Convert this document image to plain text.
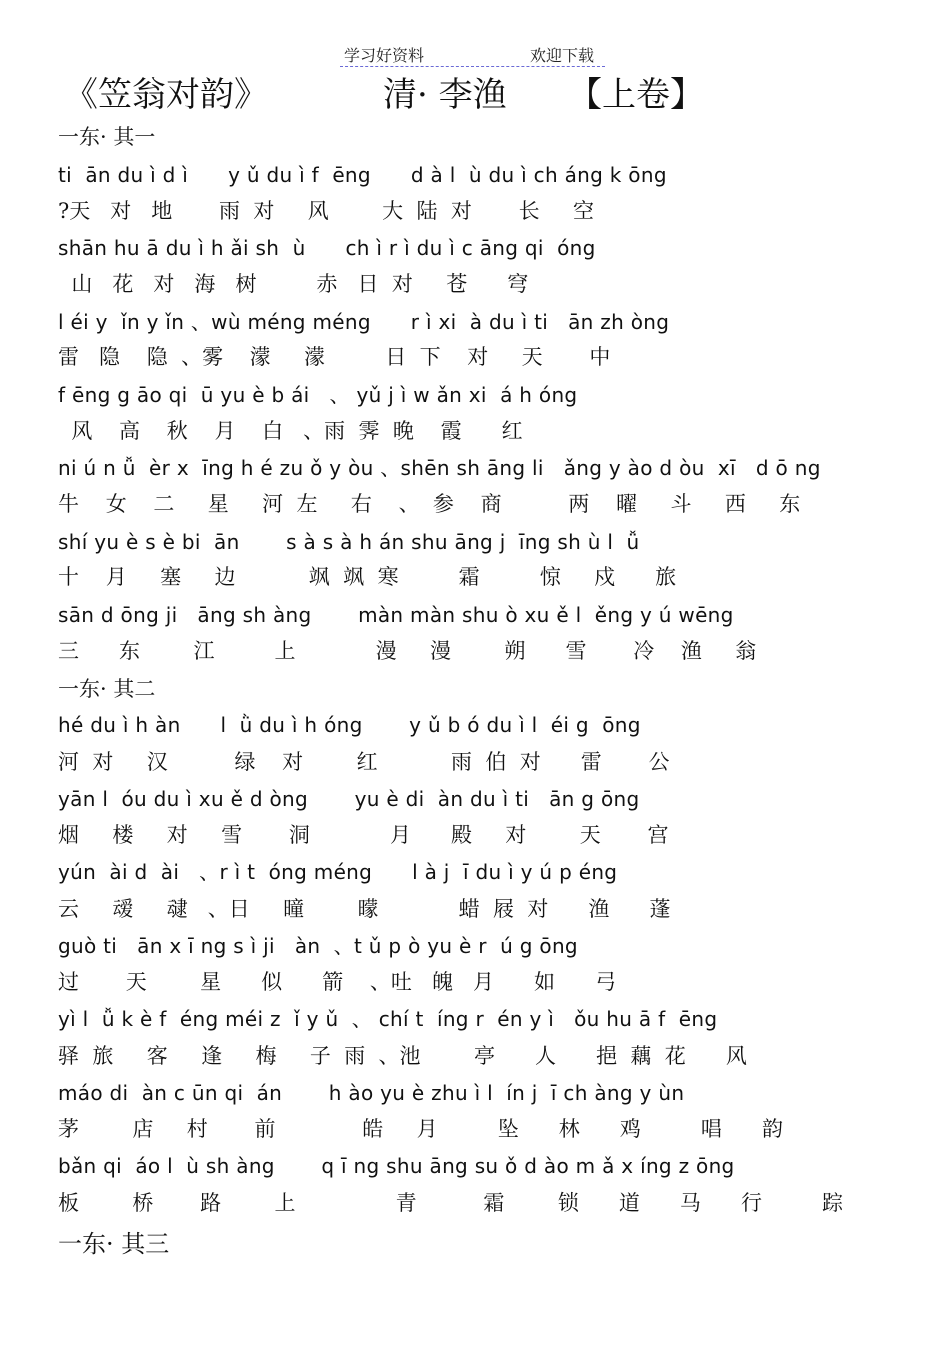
学习好资料	欢迎下载
《笠翁对韵》	清· 李渔 【上卷】
一东· 其一
ti  ān du ì d ì      y ǔ du ì f  ēng      d à l  ù du ì ch áng k ōng
?天   对   地       雨  对     风        大  陆  对       长     空
shān hu ā du ì h ǎi sh  ù      ch ì r ì du ì c āng qi  óng
山   花   对   海   树         赤   日  对     苍      穹
l éi y  ǐn y ǐn 、wù méng méng      r ì xi  à du ì ti   ān zh òng
雷   隐    隐  、雾    濛     濛         日  下    对     天       中
f ēng g āo qi  ū yu è b ái   、 yǔ j ì w ǎn xi  á h óng
风    高    秋    月    白   、雨  霁  晚    霞      红
ni ú n ǚ  èr x  īng h é zu ǒ y òu 、shēn sh āng li   ǎng y ào d òu  xī   d ō ng
牛    女    二     星     河  左     右    、  参    商          两    曜     斗     西     东
shí yu è s è bi  ān       s à s à h án shu āng j  īng sh ù l  ǚ
十    月     塞     边           飒  飒  寒         霜         惊     戍      旅
sān d ōng ji   āng sh àng       màn màn shu ò xu ě l  ěng y ú wēng
三      东        江         上            漫     漫        朔      雪       冷    渔     翁
一东· 其二
hé du ì h àn      l  ǜ du ì h óng       y ǔ b ó du ì l  éi g  ōng
河  对     汉          绿    对        红           雨  伯  对      雷       公
yān l  óu du ì xu ě d òng       yu è di  àn du ì ti   ān g ōng
烟     楼     对     雪       洞            月      殿     对        天       宫
yún  ài d  ài   、r ì t  óng méng      l à j  ī du ì y ú p éng
云     叆     叇   、日     曈        曚            蜡  屐  对      渔      蓬
guò ti   ān x ī ng s ì ji   àn  、t ǔ p ò yu è r  ú g ōng
过       天        星      似      箭    、吐   魄   月      如      弓
yì l  ǚ k è f  éng méi z  ǐ y ǔ  、 chí t  íng r  én y ì   ǒu hu ā f  ēng
驿  旅     客     逢     梅     子  雨  、池        亭      人      挹  藕  花      风
máo di  àn c ūn qi  án       h ào yu è zhu ì l  ín j  ī ch àng y ùn
茅        店     村       前             皓     月         坠      林      鸡         唱      韵
bǎn qi  áo l  ù sh àng       q ī ng shu āng su ǒ d ào m ǎ x íng z ōng
板        桥       路        上               青          霜        锁      道      马      行         踪
一东· 其三
